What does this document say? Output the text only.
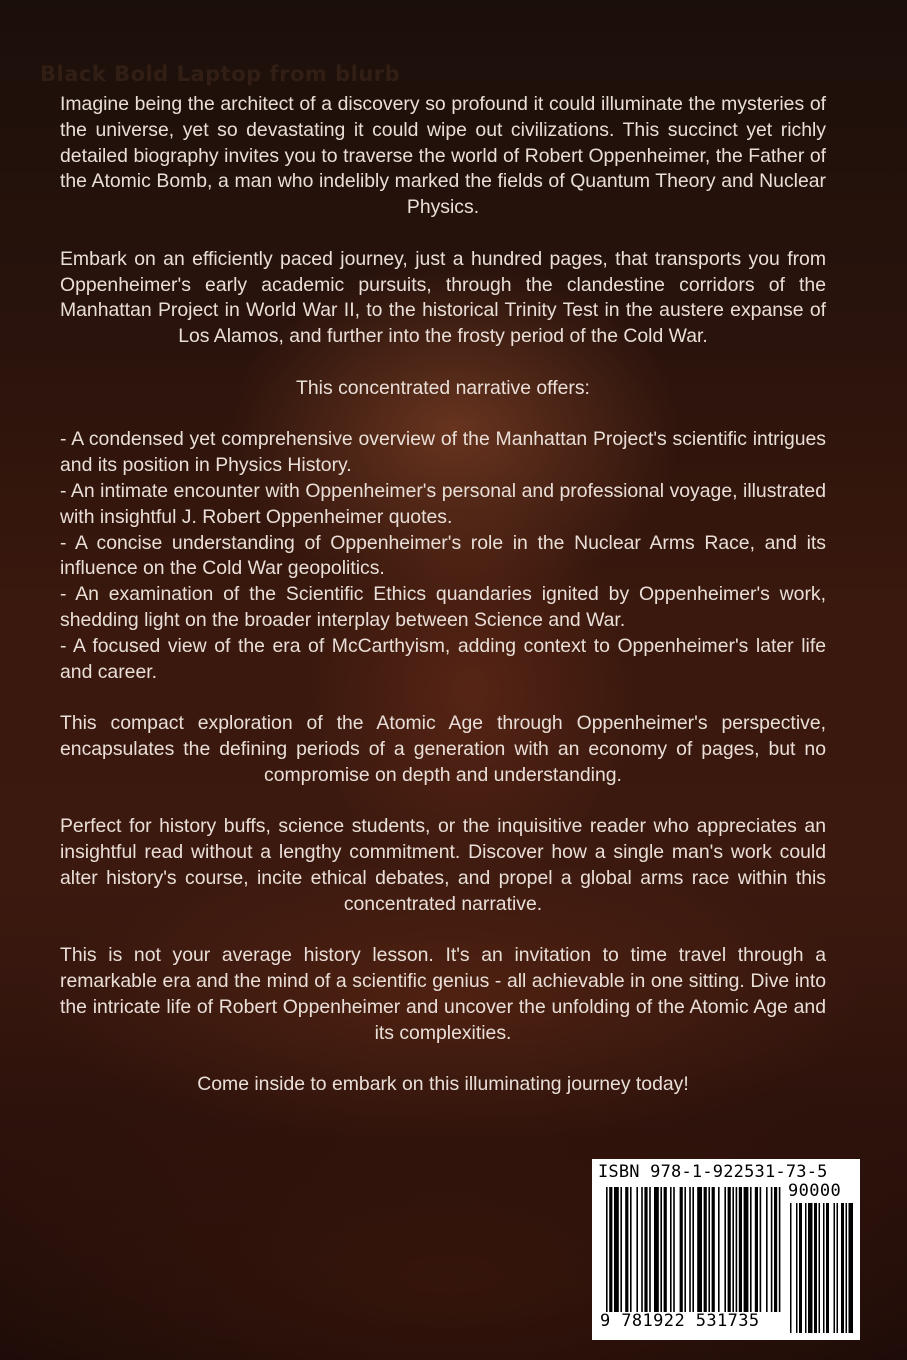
Black Bold Laptop from blurb

Imagine being the architect of a discovery so profound it could illuminate the mysteries of the universe, yet so devastating it could wipe out civilizations. This succinct yet richly detailed biography invites you to traverse the world of Robert Oppenheimer, the Father of the Atomic Bomb, a man who indelibly marked the fields of Quantum Theory and Nuclear Physics.

Embark on an efficiently paced journey, just a hundred pages, that transports you from Oppenheimer's early academic pursuits, through the clandestine corridors of the Manhattan Project in World War II, to the historical Trinity Test in the austere expanse of Los Alamos, and further into the frosty period of the Cold War.

This concentrated narrative offers:

- A condensed yet comprehensive overview of the Manhattan Project's scientific intrigues and its position in Physics History.
- An intimate encounter with Oppenheimer's personal and professional voyage, illustrated with insightful J. Robert Oppenheimer quotes.
- A concise understanding of Oppenheimer's role in the Nuclear Arms Race, and its influence on the Cold War geopolitics.
- An examination of the Scientific Ethics quandaries ignited by Oppenheimer's work, shedding light on the broader interplay between Science and War.
- A focused view of the era of McCarthyism, adding context to Oppenheimer's later life and career.

This compact exploration of the Atomic Age through Oppenheimer's perspective, encapsulates the defining periods of a generation with an economy of pages, but no compromise on depth and understanding.

Perfect for history buffs, science students, or the inquisitive reader who appreciates an insightful read without a lengthy commitment. Discover how a single man's work could alter history's course, incite ethical debates, and propel a global arms race within this concentrated narrative.

This is not your average history lesson. It's an invitation to time travel through a remarkable era and the mind of a scientific genius - all achievable in one sitting. Dive into the intricate life of Robert Oppenheimer and uncover the unfolding of the Atomic Age and its complexities.

Come inside to embark on this illuminating journey today!

ISBN 978-1-922531-73-5
90000
9 781922 531735
